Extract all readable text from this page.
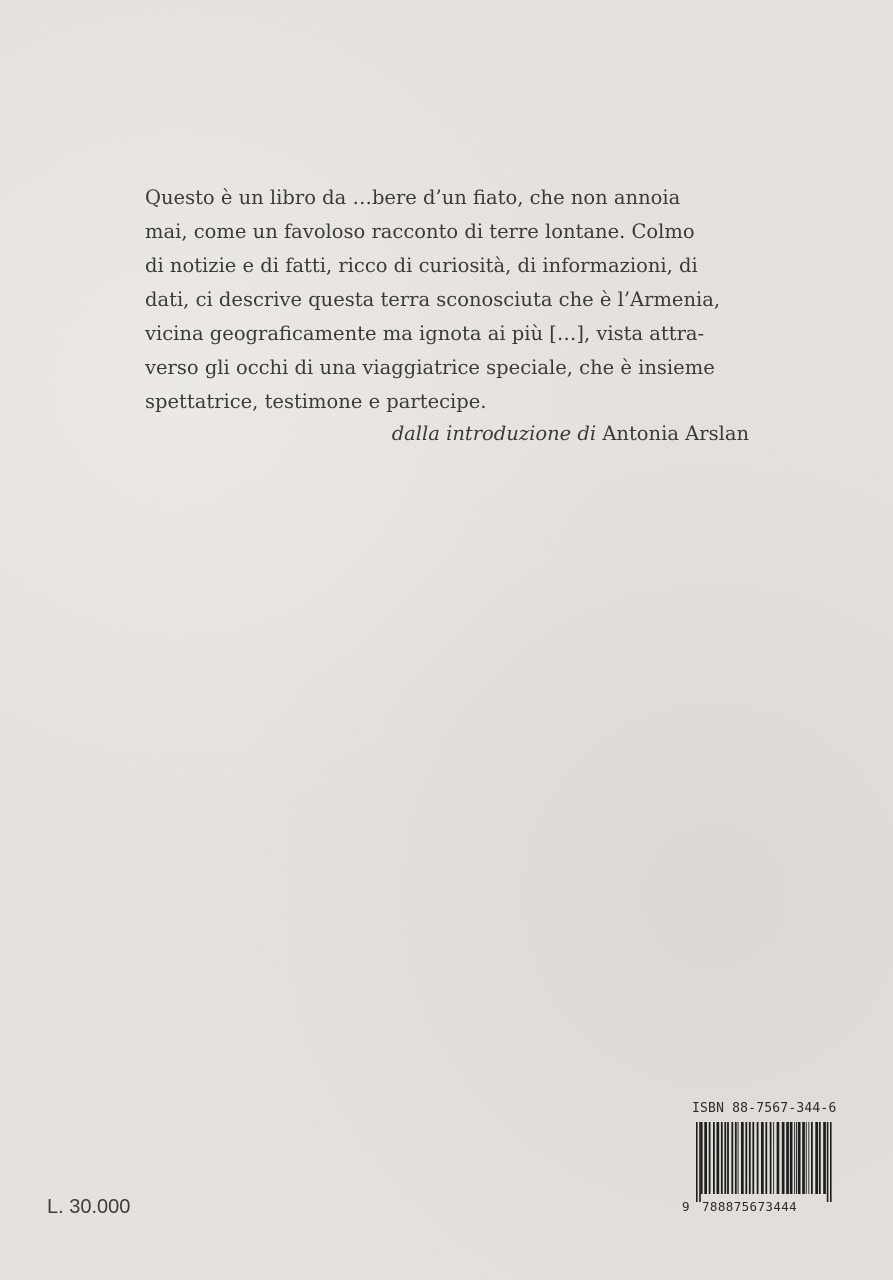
Questo è un libro da …bere d’un fiato, che non annoia
mai, come un favoloso racconto di terre lontane. Colmo
di notizie e di fatti, ricco di curiosità, di informazioni, di
dati, ci descrive questa terra sconosciuta che è l’Armenia,
vicina geograficamente ma ignota ai più […], vista attra-
verso gli occhi di una viaggiatrice speciale, che è insieme
spettatrice, testimone e partecipe.

dalla introduzione di Antonia Arslan
L. 30.000
ISBN 88-7567-344-6
9 788875673444
